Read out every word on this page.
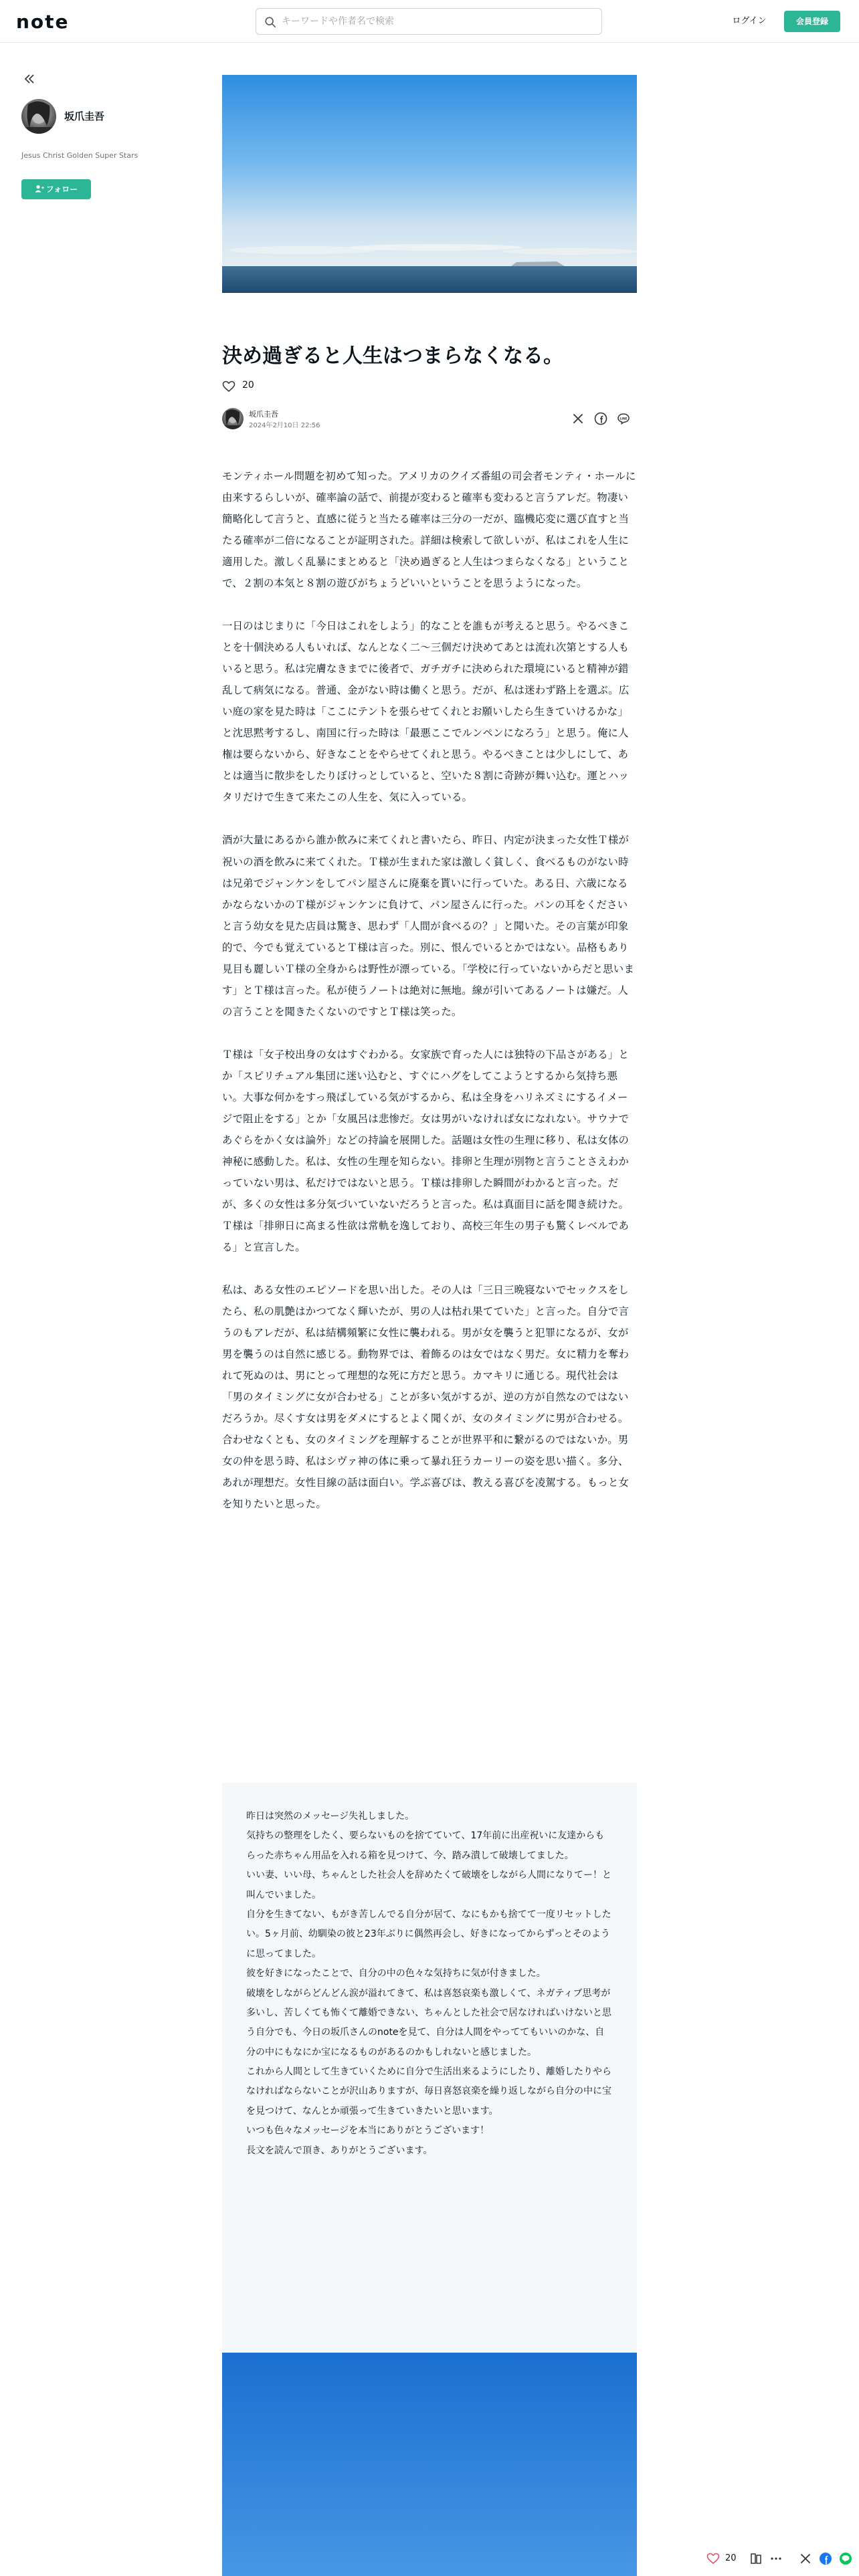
note
キーワードや作者名で検索	ログイン	会員登録
坂爪圭吾
Jesus Christ Golden Super Stars
フォロー
決め過ぎると人生はつまらなくなる。
20
坂爪圭吾
2024年2月10日 22:56
LINE

モンティホール問題を初めて知った。アメリカのクイズ番組の司会者モンティ・ホールに由来するらしいが、確率論の話で、前提が変わると確率も変わると言うアレだ。物凄い簡略化して言うと、直感に従うと当たる確率は三分の一だが、臨機応変に選び直すと当たる確率が二倍になることが証明された。詳細は検索して欲しいが、私はこれを人生に適用した。激しく乱暴にまとめると「決め過ぎると人生はつまらなくなる」ということで、２割の本気と８割の遊びがちょうどいいということを思うようになった。

一日のはじまりに「今日はこれをしよう」的なことを誰もが考えると思う。やるべきことを十個決める人もいれば、なんとなく二〜三個だけ決めてあとは流れ次第とする人もいると思う。私は完膚なきまでに後者で、ガチガチに決められた環境にいると精神が錯乱して病気になる。普通、金がない時は働くと思う。だが、私は迷わず路上を選ぶ。広い庭の家を見た時は「ここにテントを張らせてくれとお願いしたら生きていけるかな」と沈思黙考するし、南国に行った時は「最悪ここでルンペンになろう」と思う。俺に人権は要らないから、好きなことをやらせてくれと思う。やるべきことは少しにして、あとは適当に散歩をしたりぼけっとしていると、空いた８割に奇跡が舞い込む。運とハッタリだけで生きて来たこの人生を、気に入っている。

酒が大量にあるから誰か飲みに来てくれと書いたら、昨日、内定が決まった女性Ｔ様が祝いの酒を飲みに来てくれた。Ｔ様が生まれた家は激しく貧しく、食べるものがない時は兄弟でジャンケンをしてパン屋さんに廃棄を貰いに行っていた。ある日、六歳になるかならないかのＴ様がジャンケンに負けて、パン屋さんに行った。パンの耳をくださいと言う幼女を見た店員は驚き、思わず「人間が食べるの？」と聞いた。その言葉が印象的で、今でも覚えているとＴ様は言った。別に、恨んでいるとかではない。品格もあり見目も麗しいＴ様の全身からは野性が漂っている。「学校に行っていないからだと思います」とＴ様は言った。私が使うノートは絶対に無地。線が引いてあるノートは嫌だ。人の言うことを聞きたくないのですとＴ様は笑った。

Ｔ様は「女子校出身の女はすぐわかる。女家族で育った人には独特の下品さがある」とか「スピリチュアル集団に迷い込むと、すぐにハグをしてこようとするから気持ち悪い。大事な何かをすっ飛ばしている気がするから、私は全身をハリネズミにするイメージで阻止をする」とか「女風呂は悲惨だ。女は男がいなければ女になれない。サウナであぐらをかく女は論外」などの持論を展開した。話題は女性の生理に移り、私は女体の神秘に感動した。私は、女性の生理を知らない。排卵と生理が別物と言うことさえわかっていない男は、私だけではないと思う。Ｔ様は排卵した瞬間がわかると言った。だが、多くの女性は多分気づいていないだろうと言った。私は真面目に話を聞き続けた。Ｔ様は「排卵日に高まる性欲は常軌を逸しており、高校三年生の男子も驚くレベルである」と宣言した。

私は、ある女性のエピソードを思い出した。その人は「三日三晩寝ないでセックスをしたら、私の肌艶はかつてなく輝いたが、男の人は枯れ果てていた」と言った。自分で言うのもアレだが、私は結構頻繁に女性に襲われる。男が女を襲うと犯罪になるが、女が男を襲うのは自然に感じる。動物界では、着飾るのは女ではなく男だ。女に精力を奪われて死ぬのは、男にとって理想的な死に方だと思う。カマキリに通じる。現代社会は「男のタイミングに女が合わせる」ことが多い気がするが、逆の方が自然なのではないだろうか。尽くす女は男をダメにするとよく聞くが、女のタイミングに男が合わせる。合わせなくとも、女のタイミングを理解することが世界平和に繋がるのではないか。男女の仲を思う時、私はシヴァ神の体に乗って暴れ狂うカーリーの姿を思い描く。多分、あれが理想だ。女性目線の話は面白い。学ぶ喜びは、教える喜びを凌駕する。もっと女を知りたいと思った。

昨日は突然のメッセージ失礼しました。

気持ちの整理をしたく、要らないものを捨てていて、17年前に出産祝いに友達からもらった赤ちゃん用品を入れる箱を見つけて、今、踏み潰して破壊してました。

いい妻、いい母、ちゃんとした社会人を辞めたくて破壊をしながら人間になりてー！と叫んでいました。

自分を生きてない、もがき苦しんでる自分が居て、なにもかも捨てて一度リセットしたい。5ヶ月前、幼馴染の彼と23年ぶりに偶然再会し、好きになってからずっとそのように思ってました。

彼を好きになったことで、自分の中の色々な気持ちに気が付きました。

破壊をしながらどんどん涙が溢れてきて、私は喜怒哀楽も激しくて、ネガティブ思考が多いし、苦しくても怖くて離婚できない、ちゃんとした社会で居なければいけないと思う自分でも、今日の坂爪さんのnoteを見て、自分は人間をやっててもいいのかな、自分の中にもなにか宝になるものがあるのかもしれないと感じました。

これから人間として生きていくために自分で生活出来るようにしたり、離婚したりやらなければならないことが沢山ありますが、毎日喜怒哀楽を繰り返しながら自分の中に宝を見つけて、なんとか頑張って生きていきたいと思います。

いつも色々なメッセージを本当にありがとうございます！

長文を読んで頂き、ありがとうございます。

20
